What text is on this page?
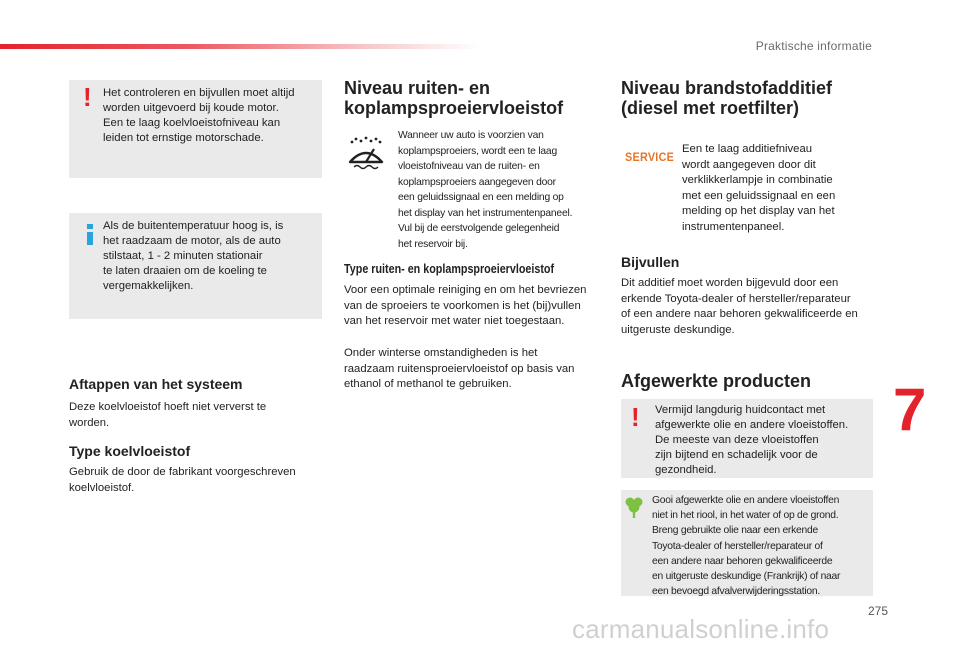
Praktische informatie
! Het controleren en bijvullen moet altijd
worden uitgevoerd bij koude motor.
Een te laag koelvloeistofniveau kan
leiden tot ernstige motorschade.
Als de buitentemperatuur hoog is, is
het raadzaam de motor, als de auto
stilstaat, 1 - 2 minuten stationair
te laten draaien om de koeling te
vergemakkelijken.
Aftappen van het systeem
Deze koelvloeistof hoeft niet ververst te
worden.
Type koelvloeistof
Gebruik de door de fabrikant voorgeschreven
koelvloeistof.
Niveau ruiten- en
koplampsproeiervloeistof
Wanneer uw auto is voorzien van
koplampsproeiers, wordt een te laag
vloeistofniveau van de ruiten- en
koplampsproeiers aangegeven door
een geluidssignaal en een melding op
het display van het instrumentenpaneel.
Vul bij de eerstvolgende gelegenheid
het reservoir bij.
Type ruiten- en koplampsproeiervloeistof
Voor een optimale reiniging en om het bevriezen
van de sproeiers te voorkomen is het (bij)vullen
van het reservoir met water niet toegestaan.
Onder winterse omstandigheden is het
raadzaam ruitensproeiervloeistof op basis van
ethanol of methanol te gebruiken.
Niveau brandstofadditief
(diesel met roetfilter)
SERVICE
Een te laag additiefniveau
wordt aangegeven door dit
verklikkerlampje in combinatie
met een geluidssignaal en een
melding op het display van het
instrumentenpaneel.
Bijvullen
Dit additief moet worden bijgevuld door een
erkende Toyota-dealer of hersteller/reparateur
of een andere naar behoren gekwalificeerde en
uitgeruste deskundige.
Afgewerkte producten
! Vermijd langdurig huidcontact met
afgewerkte olie en andere vloeistoffen.
De meeste van deze vloeistoffen
zijn bijtend en schadelijk voor de
gezondheid.
Gooi afgewerkte olie en andere vloeistoffen
niet in het riool, in het water of op de grond.
Breng gebruikte olie naar een erkende
Toyota-dealer of hersteller/reparateur of
een andere naar behoren gekwalificeerde
en uitgeruste deskundige (Frankrijk) of naar
een bevoegd afvalverwijderingsstation.
7
275
carmanualsonline.info
